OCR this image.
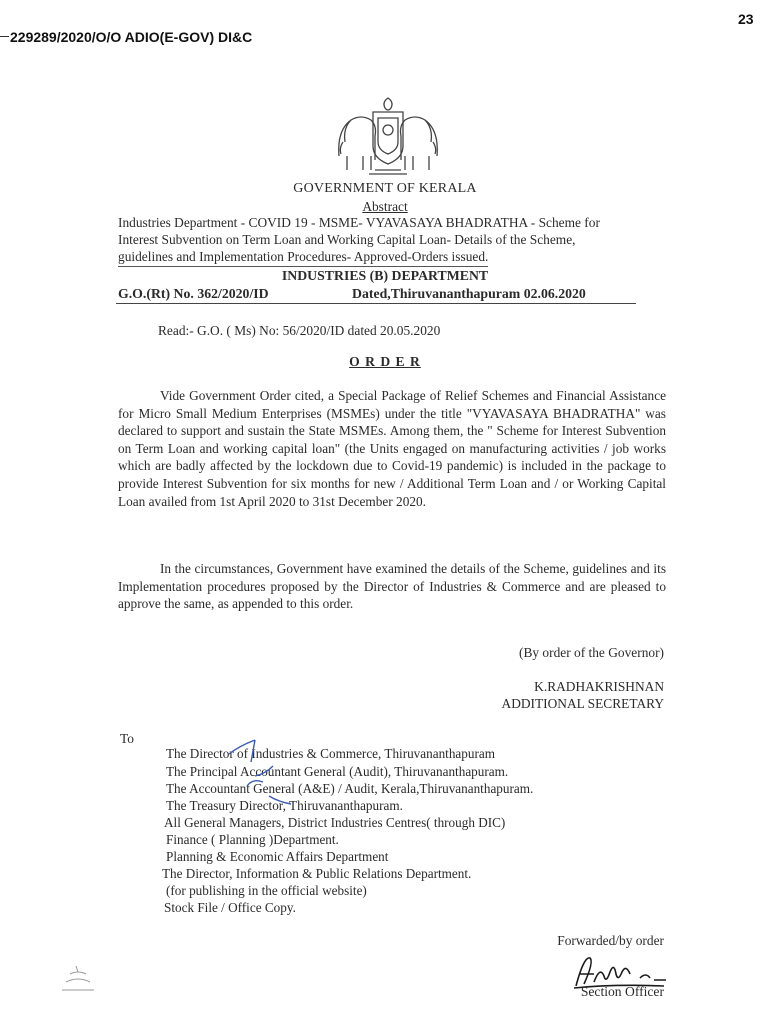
23
229289/2020/O/O ADIO(E-GOV) DI&C
GOVERNMENT OF KERALA
Abstract
Industries Department - COVID 19 - MSME- VYAVASAYA BHADRATHA - Scheme for
Interest Subvention on Term Loan and Working Capital Loan- Details of the Scheme,
guidelines and Implementation Procedures- Approved-Orders issued.
INDUSTRIES (B) DEPARTMENT
G.O.(Rt) No. 362/2020/ID	Dated,Thiruvananthapuram 02.06.2020
Read:- G.O. ( Ms) No: 56/2020/ID dated 20.05.2020
O R D E R
Vide Government Order cited, a Special Package of Relief Schemes and Financial Assistance for Micro Small Medium Enterprises (MSMEs) under the title "VYAVASAYA BHADRATHA" was declared to support and sustain the State MSMEs. Among them, the " Scheme for Interest Subvention on Term Loan and working capital loan" (the Units engaged on manufacturing activities / job works which are badly affected by the lockdown due to Covid-19 pandemic) is included in the package to provide Interest Subvention for six months for new / Additional Term Loan and / or Working Capital Loan availed from 1st April 2020 to 31st December 2020.
In the circumstances, Government have examined the details of the Scheme, guidelines and its Implementation procedures proposed by the Director of Industries & Commerce and are pleased to approve the same, as appended to this order.
(By order of the Governor)
K.RADHAKRISHNAN
ADDITIONAL SECRETARY
To
The Director of Industries & Commerce, Thiruvananthapuram
The Principal Accountant General (Audit), Thiruvananthapuram.
The Accountant General (A&E) / Audit, Kerala,Thiruvananthapuram.
The Treasury Director, Thiruvananthapuram.
All General Managers, District Industries Centres( through DIC)
Finance ( Planning )Department.
Planning & Economic Affairs Department
The Director, Information & Public Relations Department.
(for publishing in the official website)
Stock File / Office Copy.
Forwarded/by order
Section Officer
